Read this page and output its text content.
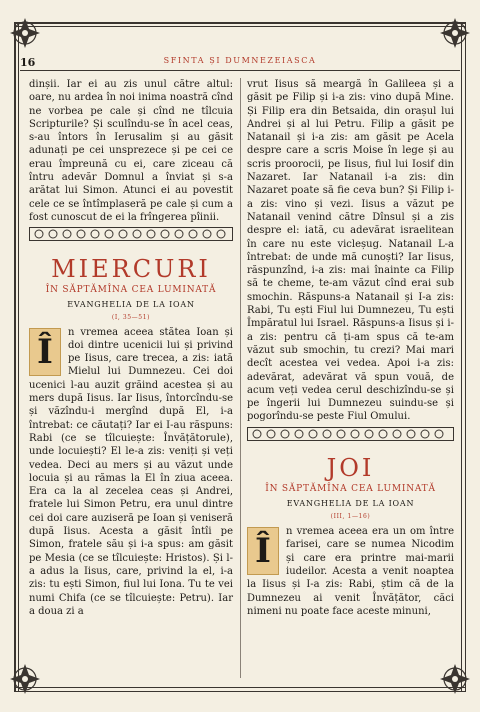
16	SFINTA ȘI DUMNEZEIASCA

dinșii. Iar ei au zis unul către altul: oare, nu ardea în noi inima noastră cînd ne vorbea pe cale și cînd ne tîlcuia Scripturile? Și sculîndu-se în acel ceas, s-au întors în Ierusalim și au găsit adunați pe cei unsprezece și pe cei ce erau împreună cu ei, care ziceau că întru adevăr Domnul a înviat și s-a arătat lui Simon. Atunci ei au povestit cele ce se întîmplaseră pe cale și cum a fost cunoscut de ei la frîngerea pîinii.

MIERCURI
ÎN SĂPTĂMÎNA CEA LUMINATĂ
EVANGHELIA DE LA IOAN
(I, 35—51)

Î	n vremea aceea stătea Ioan și doi dintre ucenicii lui și privind pe Iisus, care trecea, a zis: iată Mielul lui Dumnezeu. Cei doi ucenici l-au auzit grăind acestea și au mers după Iisus. Iar Iisus, întorcîndu-se și văzîndu-i mergînd după El, i-a întrebat: ce căutați? Iar ei I-au răspuns: Rabi (ce se tîlcuiește: Învățătorule), unde locuiești? El le-a zis: veniți și veți vedea. Deci au mers și au văzut unde locuia și au rămas la El în ziua aceea. Era ca la al zecelea ceas și Andrei, fratele lui Simon Petru, era unul dintre cei doi care auziseră pe Ioan și veniseră după Iisus. Acesta a găsit întîi pe Simon, fratele său și i-a spus: am găsit pe Mesia (ce se tîlcuiește: Hristos). Și l-a adus la Iisus, care, privind la el, i-a zis: tu ești Simon, fiul lui Iona. Tu te vei numi Chifa (ce se tîlcuiește: Petru). Iar a doua zi a

vrut Iisus să meargă în Galileea și a găsit pe Filip și i-a zis: vino după Mine. Și Filip era din Betsaida, din orașul lui Andrei și al lui Petru. Filip a găsit pe Natanail și i-a zis: am găsit pe Acela despre care a scris Moise în lege și au scris proorocii, pe Iisus, fiul lui Iosif din Nazaret. Iar Natanail i-a zis: din Nazaret poate să fie ceva bun? Și Filip i-a zis: vino și vezi. Iisus a văzut pe Natanail venind către Dînsul și a zis despre el: iată, cu adevărat israelitean în care nu este vicleșug. Natanail L-a întrebat: de unde mă cunoști? Iar Iisus, răspunzînd, i-a zis: mai înainte ca Filip să te cheme, te-am văzut cînd erai sub smochin. Răspuns-a Natanail și I-a zis: Rabi, Tu ești Fiul lui Dumnezeu, Tu ești Împăratul lui Israel. Răspuns-a Iisus și i-a zis: pentru că ți-am spus că te-am văzut sub smochin, tu crezi? Mai mari decît acestea vei vedea. Apoi i-a zis: adevărat, adevărat vă spun vouă, de acum veți vedea cerul deschizîndu-se și pe îngerii lui Dumnezeu suindu-se și pogorîndu-se peste Fiul Omului.

JOI
ÎN SĂPTĂMÎNA CEA LUMINATĂ
EVANGHELIA DE LA IOAN
(III, 1—16)

Î	n vremea aceea era un om între farisei, care se numea Nicodim și care era printre mai-marii iudeilor. Acesta a venit noaptea la Iisus și I-a zis: Rabi, știm că de la Dumnezeu ai venit Învățător, căci nimeni nu poate face aceste minuni,
